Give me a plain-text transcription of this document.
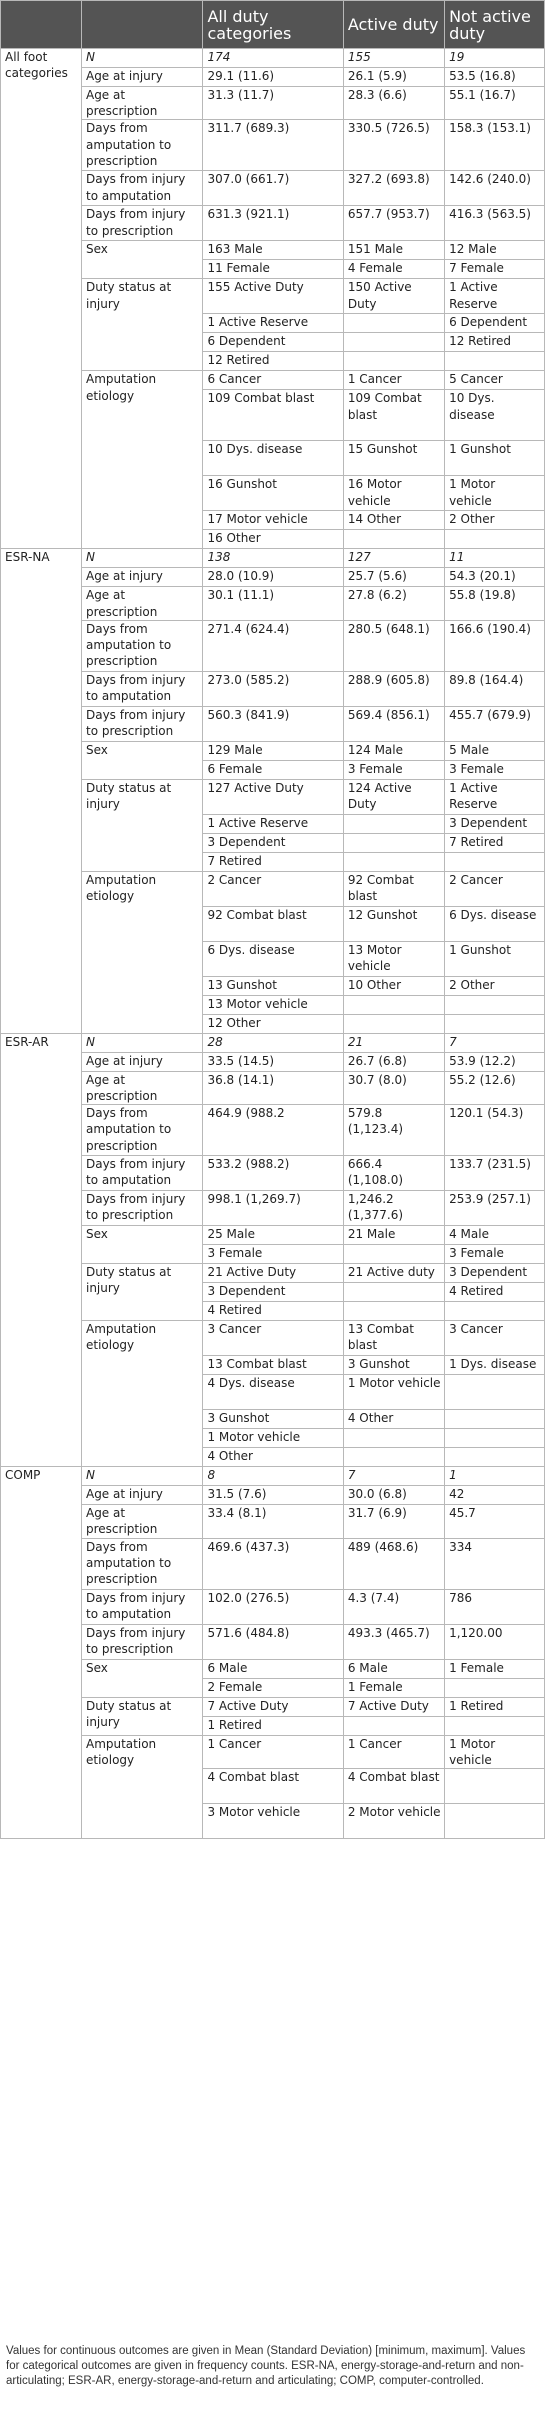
		All duty categories	Active duty	Not active duty
All foot categories	N	174	155	19
	Age at injury	29.1 (11.6)	26.1 (5.9)	53.5 (16.8)
	Age at prescription	31.3 (11.7)	28.3 (6.6)	55.1 (16.7)
	Days from amputation to prescription	311.7 (689.3)	330.5 (726.5)	158.3 (153.1)
	Days from injury to amputation	307.0 (661.7)	327.2 (693.8)	142.6 (240.0)
	Days from injury to prescription	631.3 (921.1)	657.7 (953.7)	416.3 (563.5)
	Sex	163 Male	151 Male	12 Male
		11 Female	4 Female	7 Female
	Duty status at injury	155 Active Duty	150 Active Duty	1 Active Reserve
		1 Active Reserve		6 Dependent
		6 Dependent		12 Retired
		12 Retired		
	Amputation etiology	6 Cancer	1 Cancer	5 Cancer
		109 Combat blast	109 Combat blast	10 Dys. disease
		10 Dys. disease	15 Gunshot	1 Gunshot
		16 Gunshot	16 Motor vehicle	1 Motor vehicle
		17 Motor vehicle	14 Other	2 Other
		16 Other		
ESR-NA	N	138	127	11
	Age at injury	28.0 (10.9)	25.7 (5.6)	54.3 (20.1)
	Age at prescription	30.1 (11.1)	27.8 (6.2)	55.8 (19.8)
	Days from amputation to prescription	271.4 (624.4)	280.5 (648.1)	166.6 (190.4)
	Days from injury to amputation	273.0 (585.2)	288.9 (605.8)	89.8 (164.4)
	Days from injury to prescription	560.3 (841.9)	569.4 (856.1)	455.7 (679.9)
	Sex	129 Male	124 Male	5 Male
		6 Female	3 Female	3 Female
	Duty status at injury	127 Active Duty	124 Active Duty	1 Active Reserve
		1 Active Reserve		3 Dependent
		3 Dependent		7 Retired
		7 Retired		
	Amputation etiology	2 Cancer	92 Combat blast	2 Cancer
		92 Combat blast	12 Gunshot	6 Dys. disease
		6 Dys. disease	13 Motor vehicle	1 Gunshot
		13 Gunshot	10 Other	2 Other
		13 Motor vehicle		
		12 Other		
ESR-AR	N	28	21	7
	Age at injury	33.5 (14.5)	26.7 (6.8)	53.9 (12.2)
	Age at prescription	36.8 (14.1)	30.7 (8.0)	55.2 (12.6)
	Days from amputation to prescription	464.9 (988.2	579.8 (1,123.4)	120.1 (54.3)
	Days from injury to amputation	533.2 (988.2)	666.4 (1,108.0)	133.7 (231.5)
	Days from injury to prescription	998.1 (1,269.7)	1,246.2 (1,377.6)	253.9 (257.1)
	Sex	25 Male	21 Male	4 Male
		3 Female		3 Female
	Duty status at injury	21 Active Duty	21 Active duty	3 Dependent
		3 Dependent		4 Retired
		4 Retired		
	Amputation etiology	3 Cancer	13 Combat blast	3 Cancer
		13 Combat blast	3 Gunshot	1 Dys. disease
		4 Dys. disease	1 Motor vehicle	
		3 Gunshot	4 Other	
		1 Motor vehicle		
		4 Other		
COMP	N	8	7	1
	Age at injury	31.5 (7.6)	30.0 (6.8)	42
	Age at prescription	33.4 (8.1)	31.7 (6.9)	45.7
	Days from amputation to prescription	469.6 (437.3)	489 (468.6)	334
	Days from injury to amputation	102.0 (276.5)	4.3 (7.4)	786
	Days from injury to prescription	571.6 (484.8)	493.3 (465.7)	1,120.00
	Sex	6 Male	6 Male	1 Female
		2 Female	1 Female	
	Duty status at injury	7 Active Duty	7 Active Duty	1 Retired
		1 Retired		
	Amputation etiology	1 Cancer	1 Cancer	1 Motor vehicle
		4 Combat blast	4 Combat blast	
		3 Motor vehicle	2 Motor vehicle	
Values for continuous outcomes are given in Mean (Standard Deviation) [minimum, maximum]. Values for categorical outcomes are given in frequency counts. ESR-NA, energy-storage-and-return and non-articulating; ESR-AR, energy-storage-and-return and articulating; COMP, computer-controlled.
